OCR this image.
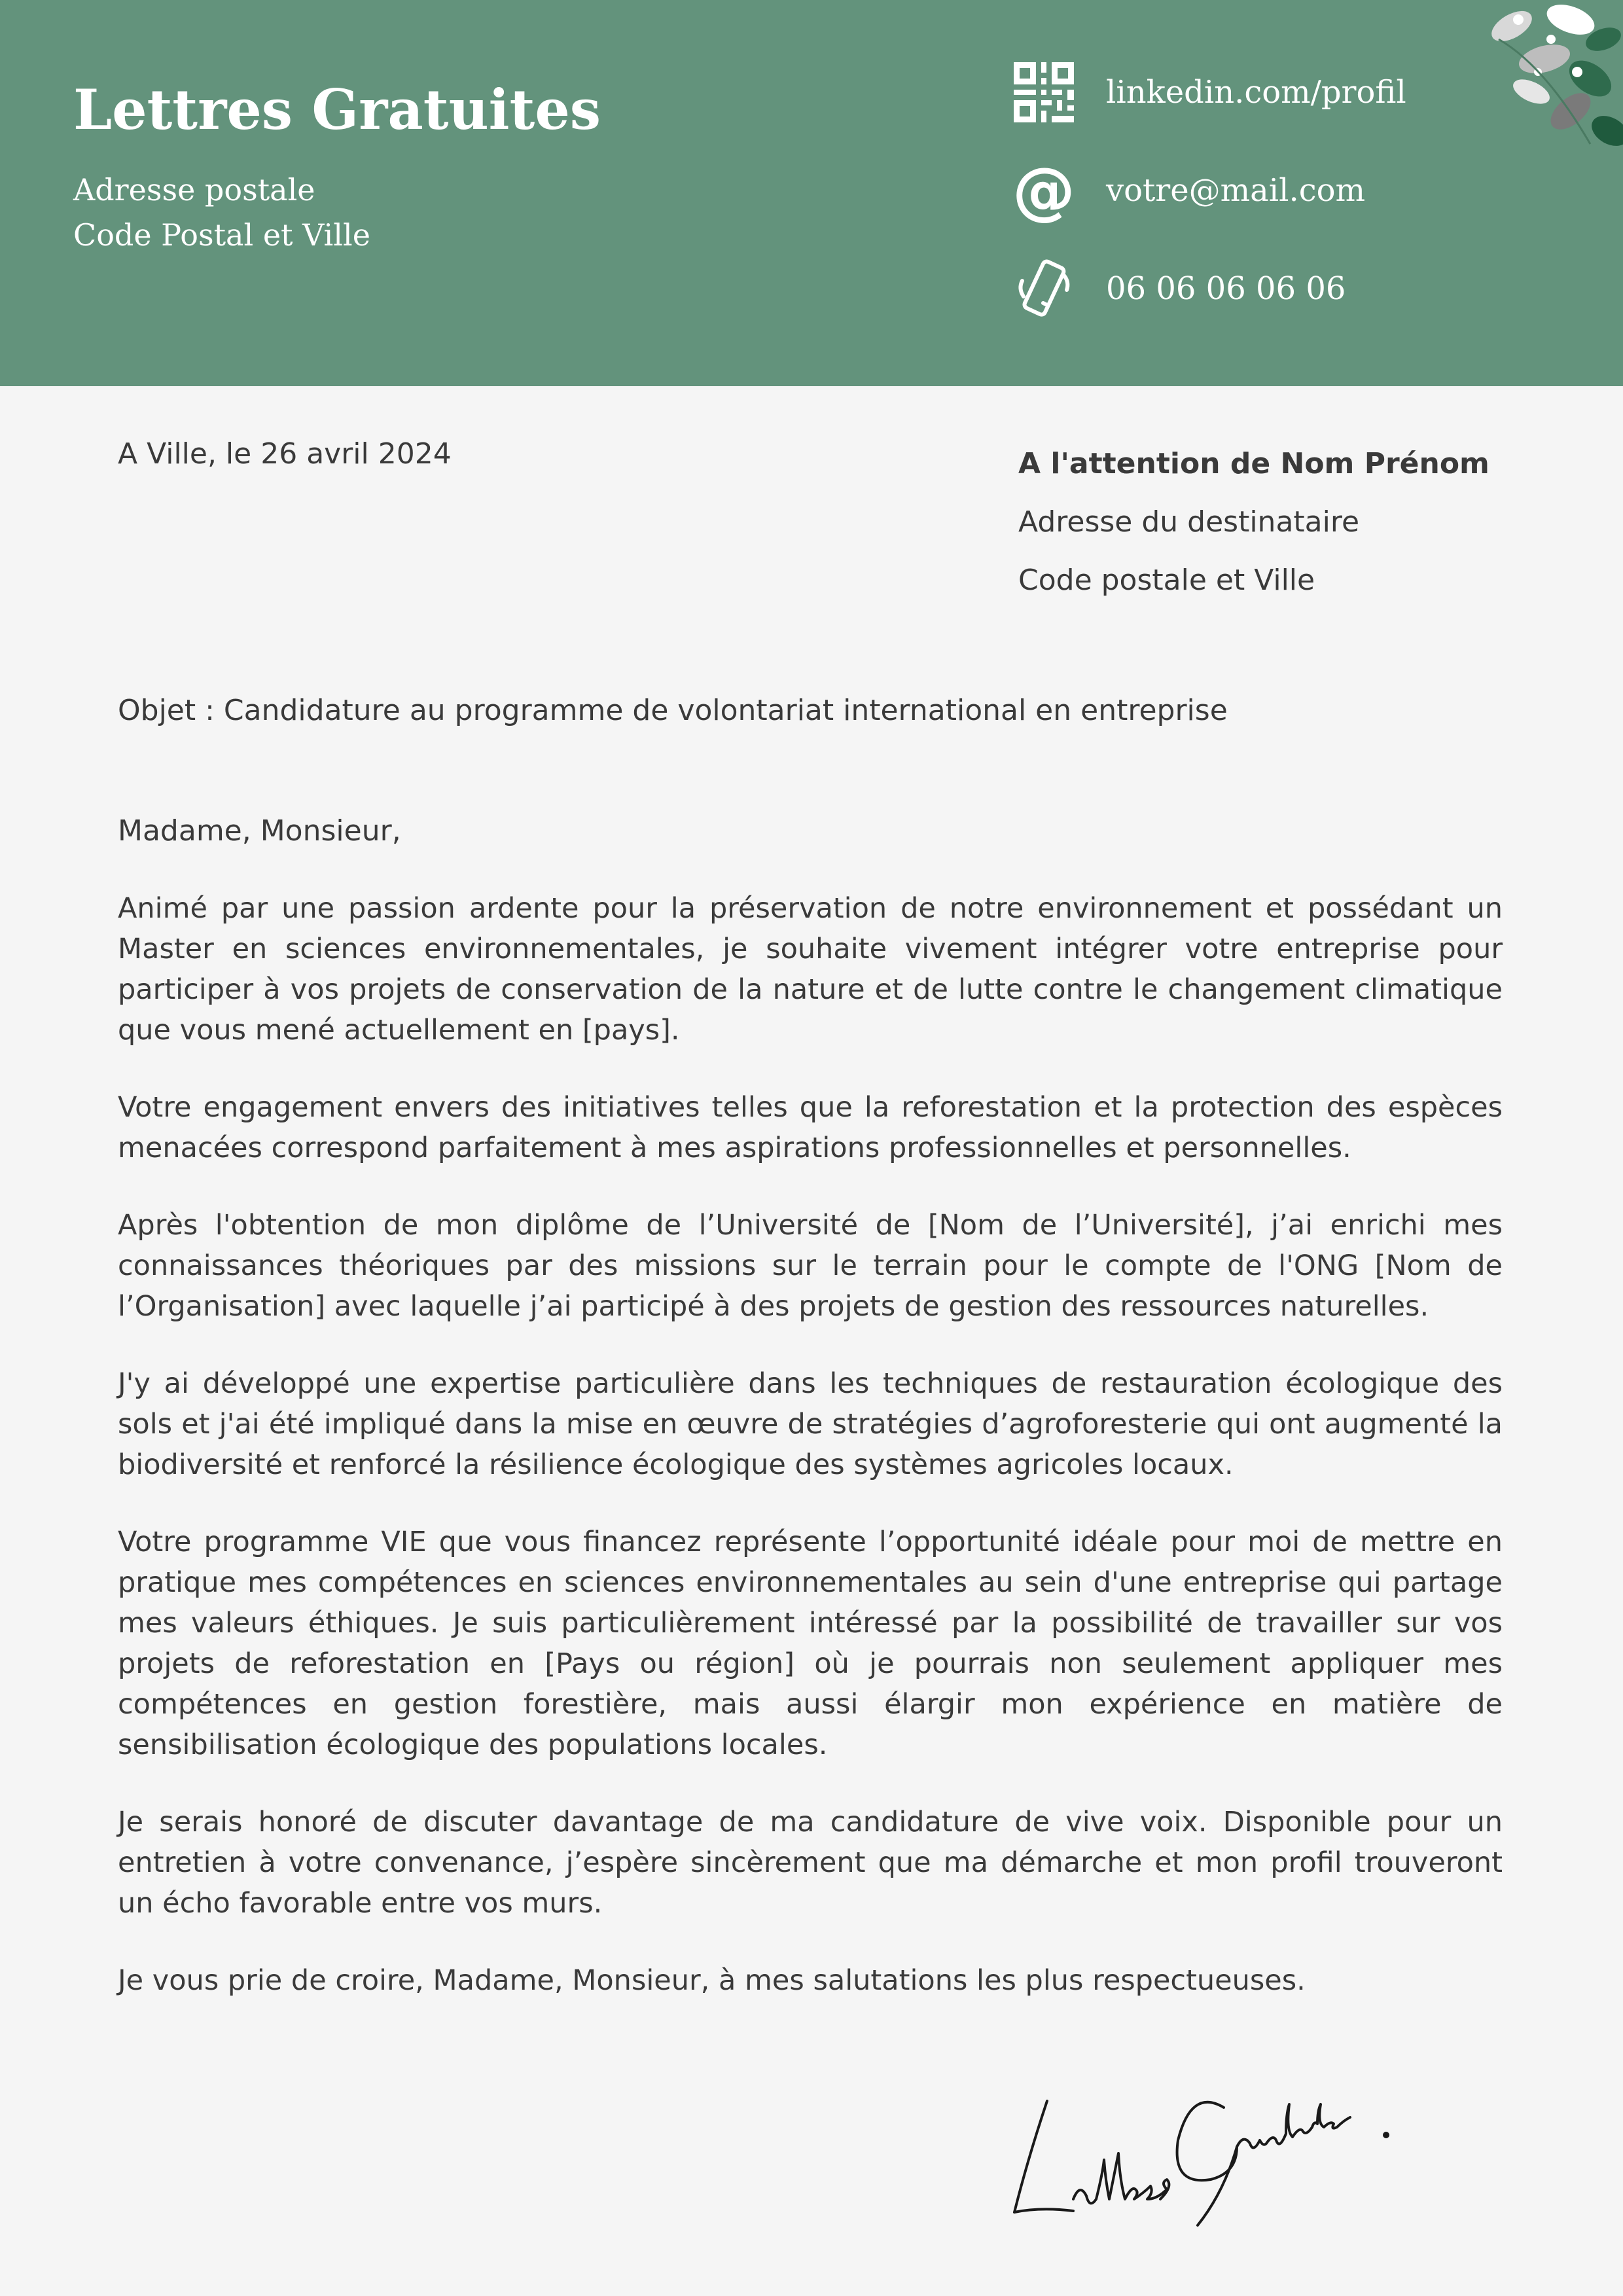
Lettres Gratuites
Adresse postale
Code Postal et Ville
linkedin.com/profil
@ votre@mail.com
06 06 06 06 06
A Ville, le 26 avril 2024	A l'attention de Nom Prénom
Adresse du destinataire
Code postale et Ville
Objet : Candidature au programme de volontariat international en entreprise
Madame, Monsieur,

Animé par une passion ardente pour la préservation de notre environnement et possédant un Master en sciences environnementales, je souhaite vivement intégrer votre entreprise pour participer à vos projets de conservation de la nature et de lutte contre le changement climatique que vous mené actuellement en [pays].

Votre engagement envers des initiatives telles que la reforestation et la protection des espèces menacées correspond parfaitement à mes aspirations professionnelles et personnelles.

Après l'obtention de mon diplôme de l’Université de [Nom de l’Université], j’ai enrichi mes connaissances théoriques par des missions sur le terrain pour le compte de l'ONG [Nom de l’Organisation] avec laquelle j’ai participé à des projets de gestion des ressources naturelles.

J'y ai développé une expertise particulière dans les techniques de restauration écologique des sols et j'ai été impliqué dans la mise en œuvre de stratégies d’agroforesterie qui ont augmenté la biodiversité et renforcé la résilience écologique des systèmes agricoles locaux.

Votre programme VIE que vous financez représente l’opportunité idéale pour moi de mettre en pratique mes compétences en sciences environnementales au sein d'une entreprise qui partage mes valeurs éthiques. Je suis particulièrement intéressé par la possibilité de travailler sur vos projets de reforestation en [Pays ou région] où je pourrais non seulement appliquer mes compétences en gestion forestière, mais aussi élargir mon expérience en matière de sensibilisation écologique des populations locales.

Je serais honoré de discuter davantage de ma candidature de vive voix. Disponible pour un entretien à votre convenance, j’espère sincèrement que ma démarche et mon profil trouveront un écho favorable entre vos murs.

Je vous prie de croire, Madame, Monsieur, à mes salutations les plus respectueuses.
